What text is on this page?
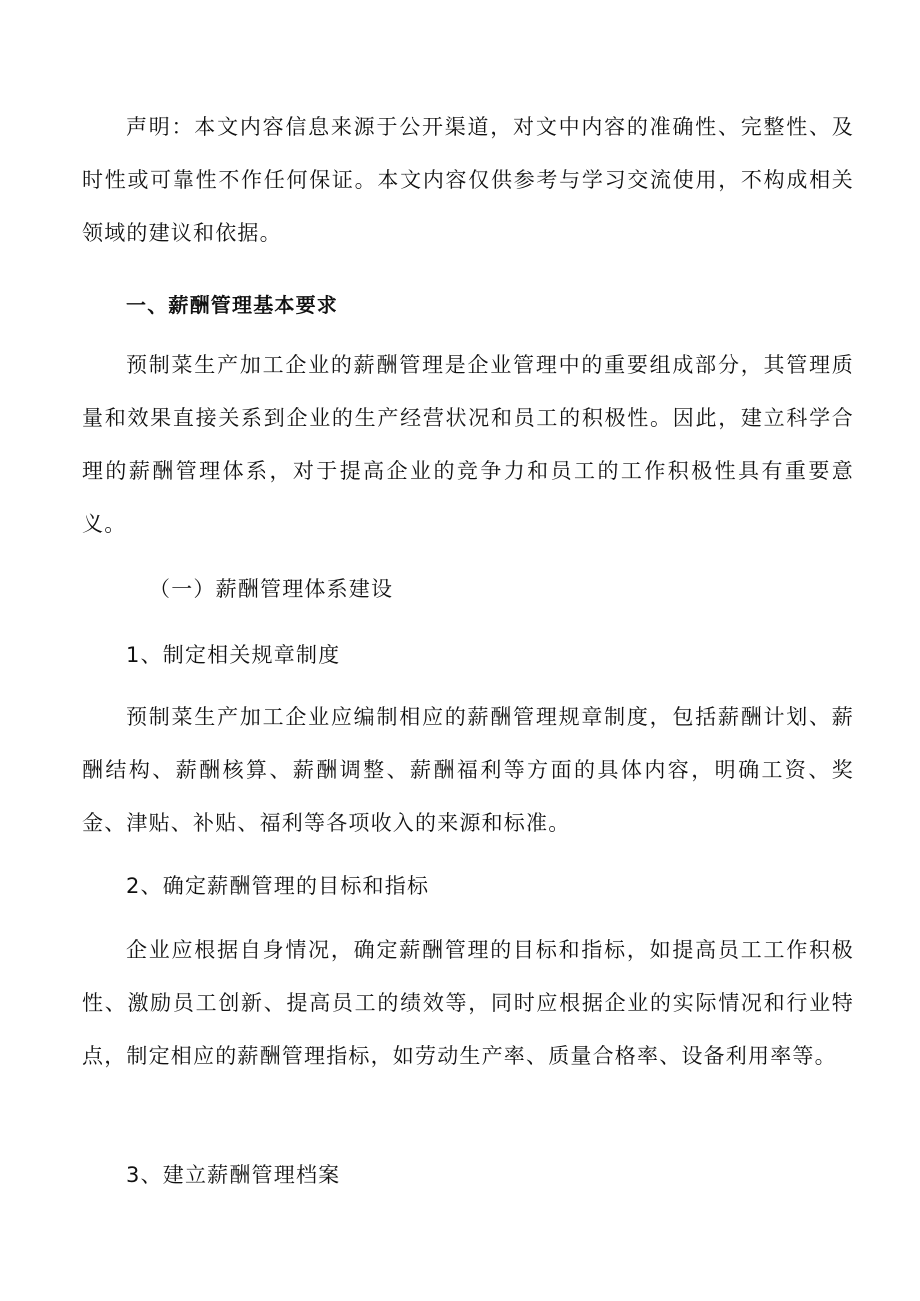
声明：本文内容信息来源于公开渠道，对文中内容的准确性、完整性、及时性或可靠性不作任何保证。本文内容仅供参考与学习交流使用，不构成相关领域的建议和依据。

一、薪酬管理基本要求

预制菜生产加工企业的薪酬管理是企业管理中的重要组成部分，其管理质量和效果直接关系到企业的生产经营状况和员工的积极性。因此，建立科学合理的薪酬管理体系，对于提高企业的竞争力和员工的工作积极性具有重要意义。

（一）薪酬管理体系建设

1、制定相关规章制度

预制菜生产加工企业应编制相应的薪酬管理规章制度，包括薪酬计划、薪酬结构、薪酬核算、薪酬调整、薪酬福利等方面的具体内容，明确工资、奖金、津贴、补贴、福利等各项收入的来源和标准。

2、确定薪酬管理的目标和指标

企业应根据自身情况，确定薪酬管理的目标和指标，如提高员工工作积极性、激励员工创新、提高员工的绩效等，同时应根据企业的实际情况和行业特点，制定相应的薪酬管理指标，如劳动生产率、质量合格率、设备利用率等。

3、建立薪酬管理档案
